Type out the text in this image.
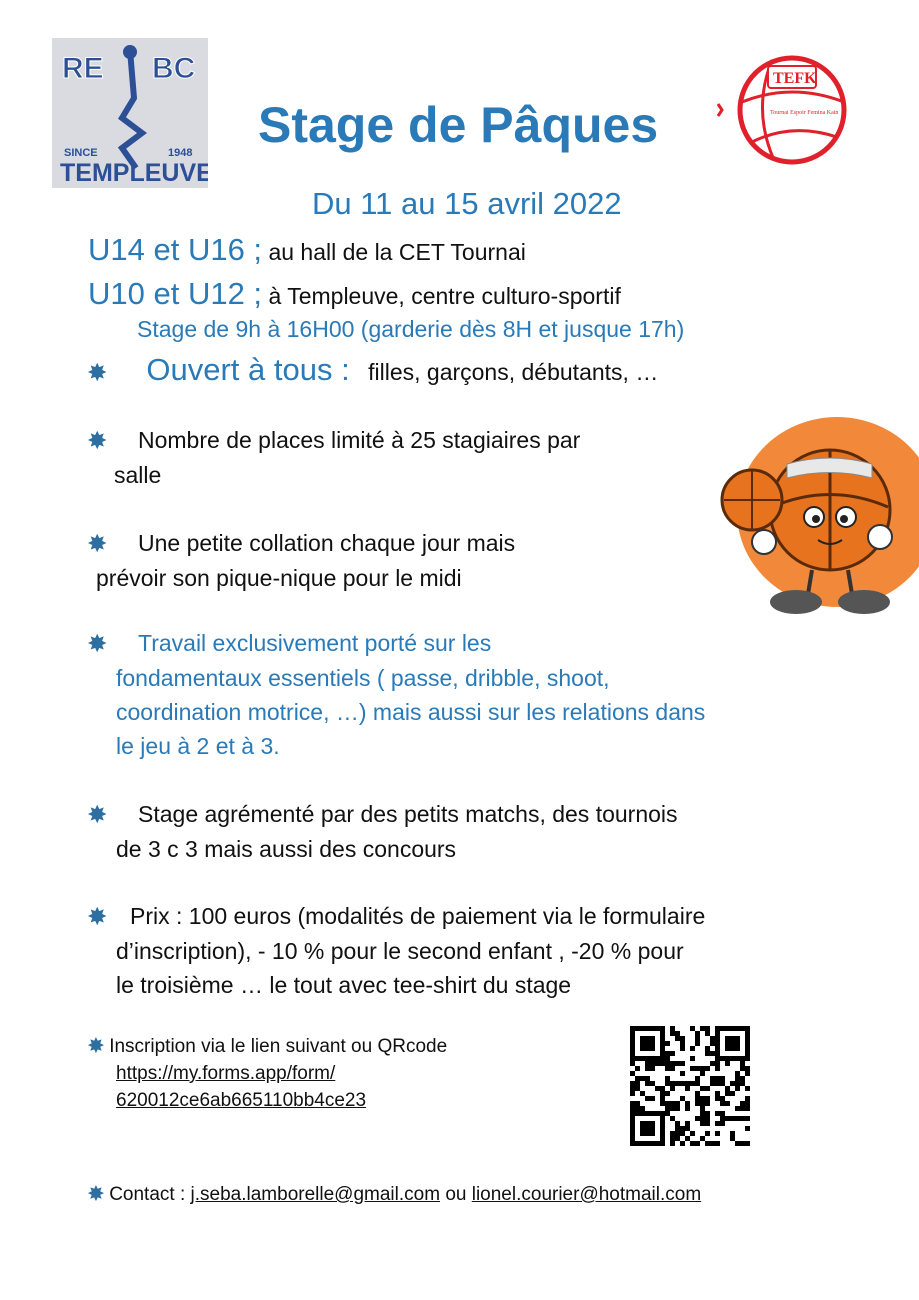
RE BC
SINCE	1948
TEMPLEUVE
TEFK
Tournai Espoir Femina Kain
Stage de Pâques
Du 11 au 15 avril 2022
U14 et U16 ; au hall de la CET Tournai
U10 et U12 ; à Templeuve, centre culturo-sportif
Stage de 9h à 16H00 (garderie dès 8H et jusque 17h)
✸ Ouvert à tous : filles, garçons, débutants, …
✸ Nombre de places limité à 25 stagiaires par
salle
✸ Une petite collation chaque jour mais
prévoir son pique-nique pour le midi
✸ Travail exclusivement porté sur les
fondamentaux essentiels ( passe, dribble, shoot,
coordination motrice, …) mais aussi sur les relations dans
le jeu à 2 et à 3.
✸ Stage agrémenté par des petits matchs, des tournois
de 3 c 3 mais aussi des concours
✸ Prix : 100 euros (modalités de paiement via le formulaire
d’inscription), - 10 % pour le second enfant , -20 % pour
le troisième … le tout avec tee-shirt du stage
✸ Inscription via le lien suivant ou QRcode
https://my.forms.app/form/
620012ce6ab665110bb4ce23
✸ Contact : j.seba.lamborelle@gmail.com ou lionel.courier@hotmail.com
